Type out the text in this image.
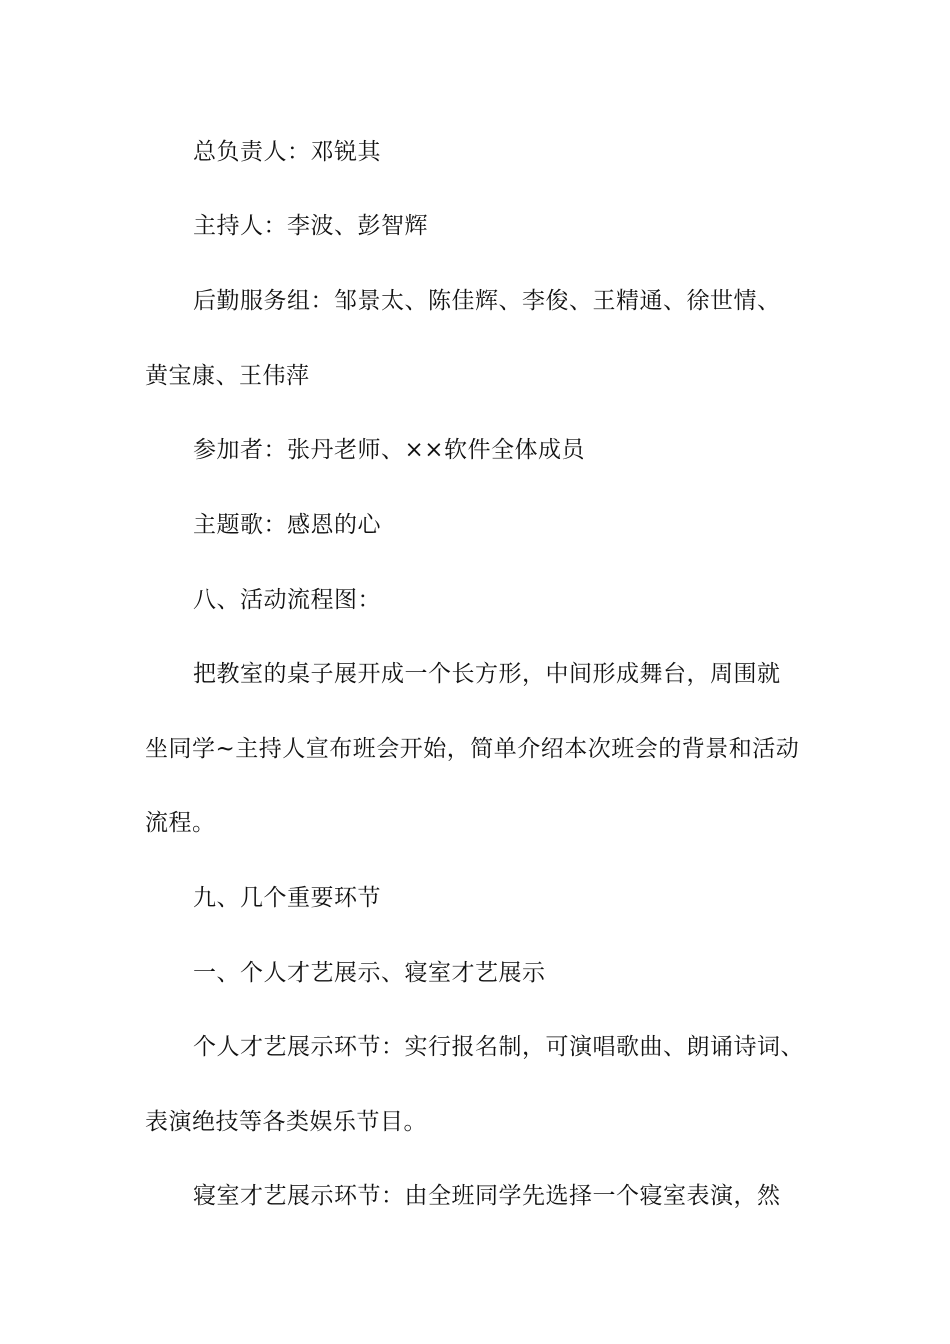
总负责人：邓锐其
主持人：李波、彭智辉
后勤服务组：邹景太、陈佳辉、李俊、王精通、徐世情、
黄宝康、王伟萍
参加者：张丹老师、××软件全体成员
主题歌：感恩的心
八、活动流程图：
把教室的桌子展开成一个长方形，中间形成舞台，周围就
坐同学~主持人宣布班会开始，简单介绍本次班会的背景和活动
流程。
九、几个重要环节
一、个人才艺展示、寝室才艺展示
个人才艺展示环节：实行报名制，可演唱歌曲、朗诵诗词、
表演绝技等各类娱乐节目。
寝室才艺展示环节：由全班同学先选择一个寝室表演，然
